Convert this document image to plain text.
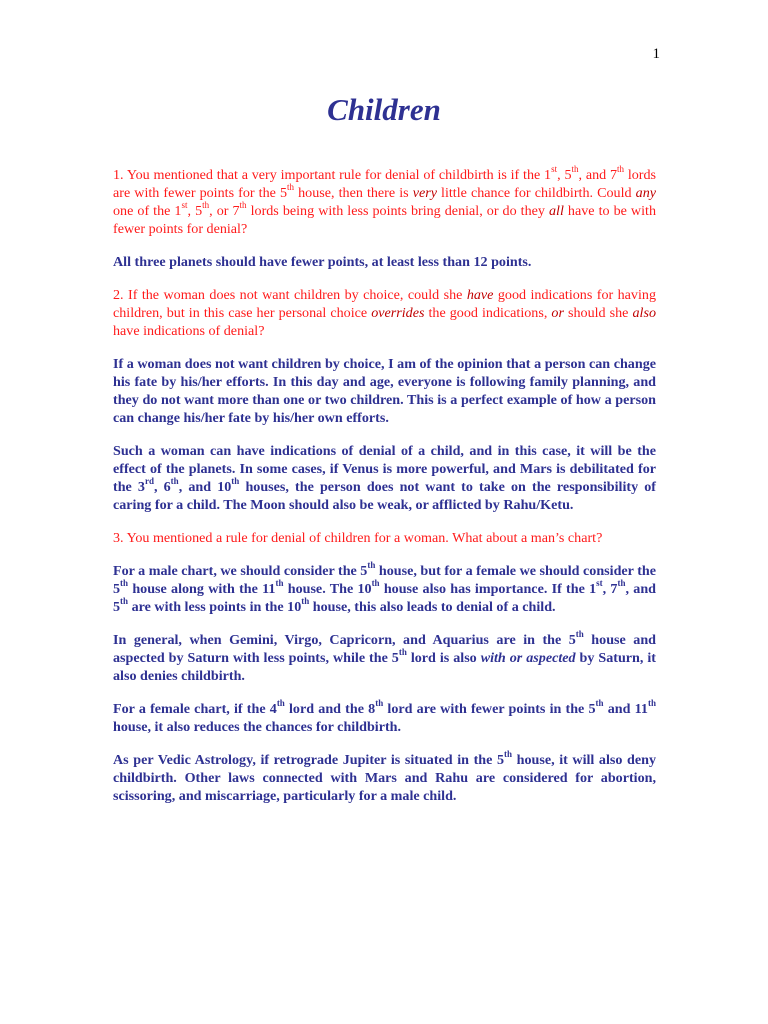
1
Children

1. You mentioned that a very important rule for denial of childbirth is if the 1st, 5th, and 7th lords are with fewer points for the 5th house, then there is very little chance for childbirth. Could any one of the 1st, 5th, or 7th lords being with less points bring denial, or do they all have to be with fewer points for denial?

All three planets should have fewer points, at least less than 12 points.

2. If the woman does not want children by choice, could she have good indications for having children, but in this case her personal choice overrides the good indications, or should she also have indications of denial?

If a woman does not want children by choice, I am of the opinion that a person can change his fate by his/her efforts. In this day and age, everyone is following family planning, and they do not want more than one or two children. This is a perfect example of how a person can change his/her fate by his/her own efforts.

Such a woman can have indications of denial of a child, and in this case, it will be the effect of the planets. In some cases, if Venus is more powerful, and Mars is debilitated for the 3rd, 6th, and 10th houses, the person does not want to take on the responsibility of caring for a child. The Moon should also be weak, or afflicted by Rahu/Ketu.

3. You mentioned a rule for denial of children for a woman. What about a man’s chart?

For a male chart, we should consider the 5th house, but for a female we should consider the 5th house along with the 11th house. The 10th house also has importance. If the 1st, 7th, and 5th are with less points in the 10th house, this also leads to denial of a child.

In general, when Gemini, Virgo, Capricorn, and Aquarius are in the 5th house and aspected by Saturn with less points, while the 5th lord is also with or aspected by Saturn, it also denies childbirth.

For a female chart, if the 4th lord and the 8th lord are with fewer points in the 5th and 11th house, it also reduces the chances for childbirth.

As per Vedic Astrology, if retrograde Jupiter is situated in the 5th house, it will also deny childbirth. Other laws connected with Mars and Rahu are considered for abortion, scissoring, and miscarriage, particularly for a male child.
